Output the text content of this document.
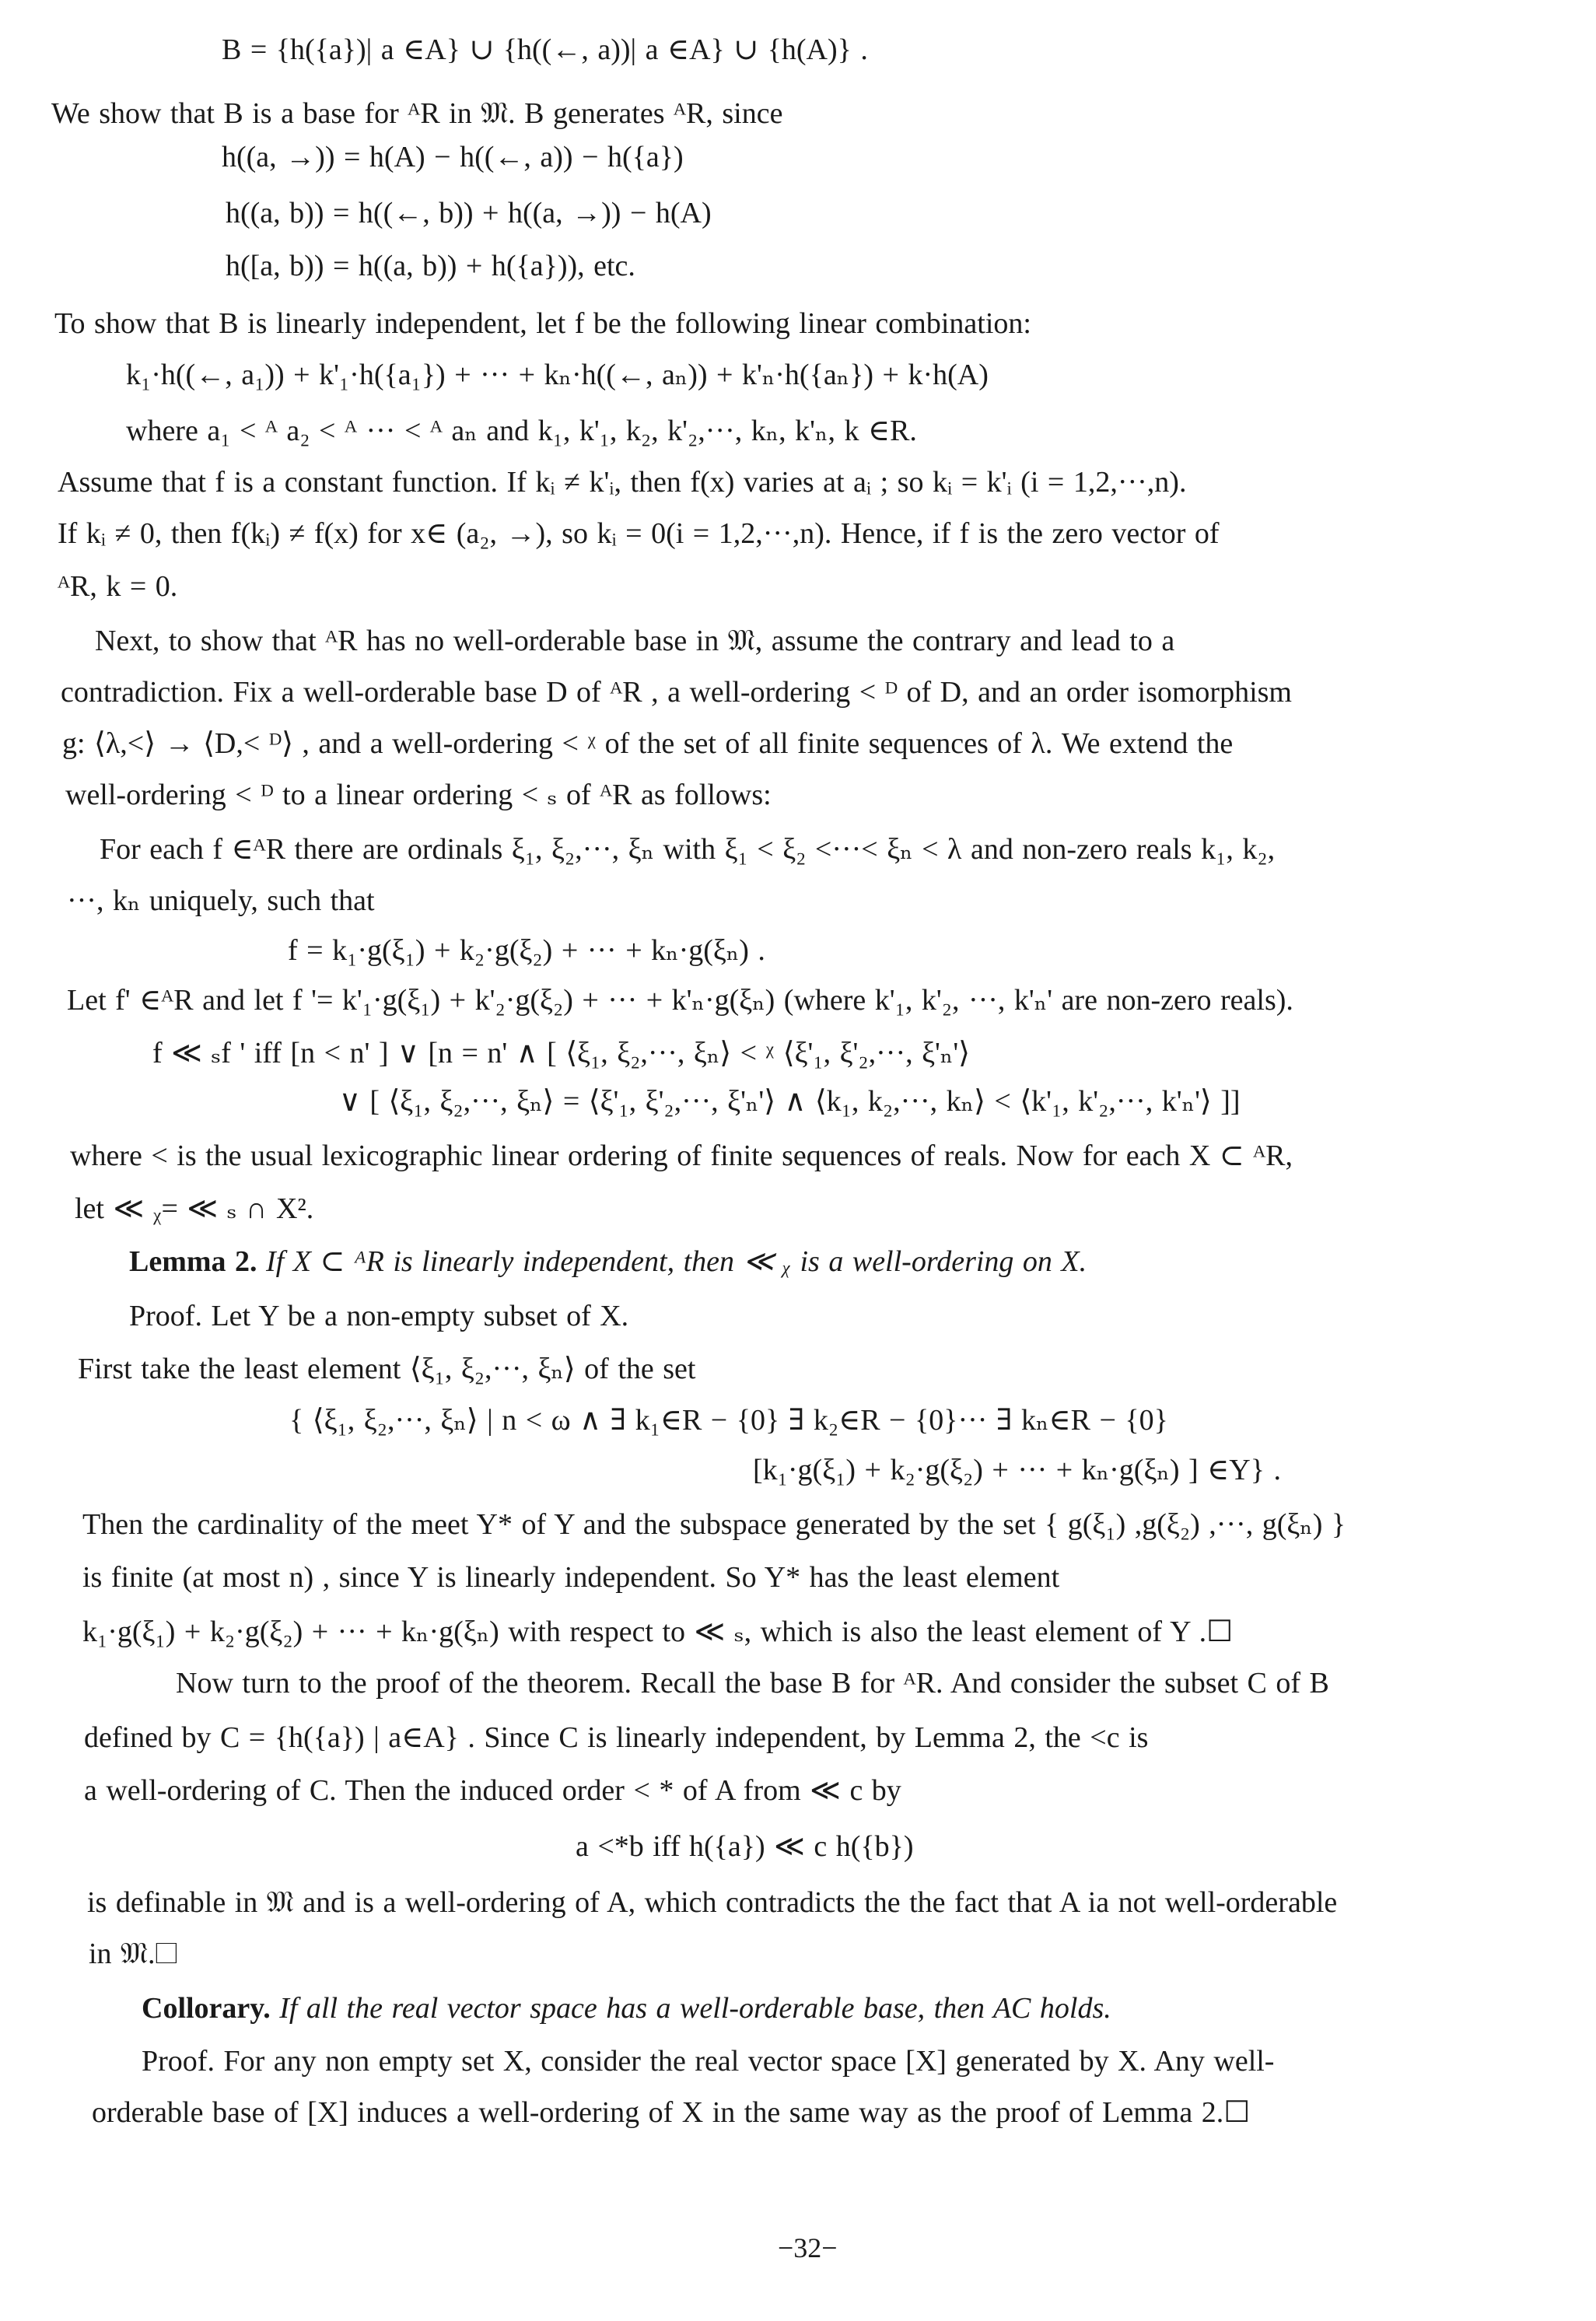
B = {h({a})| a ∈A} ∪ {h((←, a))| a ∈A} ∪ {h(A)} .
We show that B is a base for ᴬR in 𝔐. B generates ᴬR, since
h((a, →)) = h(A) − h((←, a)) − h({a})
h((a, b)) = h((←, b)) + h((a, →)) − h(A)
h([a, b)) = h((a, b)) + h({a})), etc.
To show that B is linearly independent, let f be the following linear combination:
k₁·h((←, a₁)) + k'₁·h({a₁}) + ··· + kₙ·h((←, aₙ)) + k'ₙ·h({aₙ}) + k·h(A)
where a₁ < ᴬ a₂ < ᴬ ··· < ᴬ aₙ and k₁, k'₁, k₂, k'₂,···, kₙ, k'ₙ, k ∈R.
Assume that f is a constant function. If kᵢ ≠ k'ᵢ, then f(x) varies at aᵢ ; so kᵢ = k'ᵢ (i = 1,2,···,n).
If kᵢ ≠ 0, then f(kᵢ) ≠ f(x) for x∈ (a₂, →), so kᵢ = 0(i = 1,2,···,n). Hence, if f is the zero vector of
ᴬR, k = 0.
Next, to show that ᴬR has no well-orderable base in 𝔐, assume the contrary and lead to a
contradiction. Fix a well-orderable base D of ᴬR , a well-ordering < ᴰ of D, and an order isomorphism
g: ⟨λ,<⟩ → ⟨D,< ᴰ⟩ , and a well-ordering < ᵡ of the set of all finite sequences of λ. We extend the
well-ordering < ᴰ to a linear ordering < ₛ of ᴬR as follows:
For each f ∈ᴬR there are ordinals ξ₁, ξ₂,···, ξₙ with ξ₁ < ξ₂ <···< ξₙ < λ and non-zero reals k₁, k₂,
···, kₙ uniquely, such that
f = k₁·g(ξ₁) + k₂·g(ξ₂) + ··· + kₙ·g(ξₙ) .
Let f' ∈ᴬR and let f '= k'₁·g(ξ₁) + k'₂·g(ξ₂) + ··· + k'ₙ·g(ξₙ) (where k'₁, k'₂, ···, k'ₙ' are non-zero reals).
f ≪ ₛf ' iff [n < n' ] ∨ [n = n' ∧ [ ⟨ξ₁, ξ₂,···, ξₙ⟩ < ᵡ ⟨ξ'₁, ξ'₂,···, ξ'ₙ'⟩
∨ [ ⟨ξ₁, ξ₂,···, ξₙ⟩ = ⟨ξ'₁, ξ'₂,···, ξ'ₙ'⟩ ∧ ⟨k₁, k₂,···, kₙ⟩ < ⟨k'₁, k'₂,···, k'ₙ'⟩ ]]
where < is the usual lexicographic linear ordering of finite sequences of reals. Now for each X ⊂ ᴬR,
let ≪ ᵪ= ≪ ₛ ∩ X².
Lemma 2. If X ⊂ ᴬR is linearly independent, then ≪ ᵪ is a well-ordering on X.
Proof. Let Y be a non-empty subset of X.
First take the least element ⟨ξ₁, ξ₂,···, ξₙ⟩ of the set
{ ⟨ξ₁, ξ₂,···, ξₙ⟩ | n < ω ∧ ∃ k₁∈R − {0} ∃ k₂∈R − {0}··· ∃ kₙ∈R − {0}
[k₁·g(ξ₁) + k₂·g(ξ₂) + ··· + kₙ·g(ξₙ) ] ∈Y} .
Then the cardinality of the meet Y* of Y and the subspace generated by the set { g(ξ₁) ,g(ξ₂) ,···, g(ξₙ) }
is finite (at most n) , since Y is linearly independent. So Y* has the least element
k₁·g(ξ₁) + k₂·g(ξ₂) + ··· + kₙ·g(ξₙ) with respect to ≪ ₛ, which is also the least element of Y .☐
Now turn to the proof of the theorem. Recall the base B for ᴬR. And consider the subset C of B
defined by C = {h({a}) | a∈A} . Since C is linearly independent, by Lemma 2, the <c is
a well-ordering of C. Then the induced order < * of A from ≪ c by
a <*b iff h({a}) ≪ c h({b})
is definable in 𝔐 and is a well-ordering of A, which contradicts the the fact that A ia not well-orderable
in 𝔐.☐
Collorary. If all the real vector space has a well-orderable base, then AC holds.
Proof. For any non empty set X, consider the real vector space [X] generated by X. Any well-
orderable base of [X] induces a well-ordering of X in the same way as the proof of Lemma 2.☐
−32−
